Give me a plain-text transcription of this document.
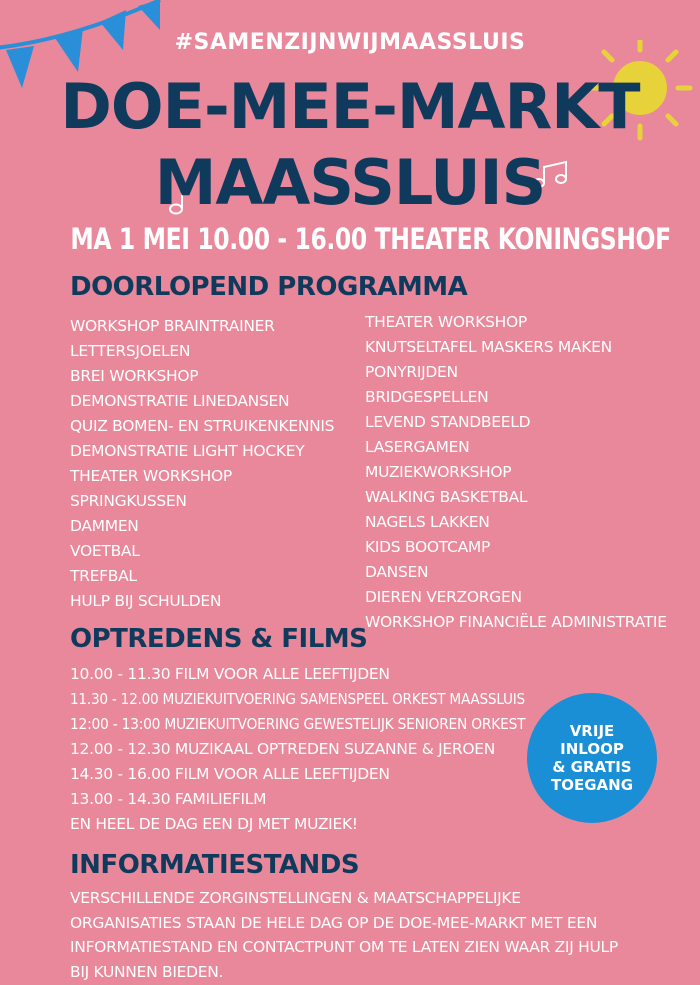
#SAMENZIJNWIJMAASSLUIS
DOE-MEE-MARKT
MAASSLUIS
MA 1 MEI 10.00 - 16.00 THEATER KONINGSHOF
DOORLOPEND PROGRAMMA
WORKSHOP BRAINTRAINER
LETTERSJOELEN
BREI WORKSHOP
DEMONSTRATIE LINEDANSEN
QUIZ BOMEN- EN STRUIKENKENNIS
DEMONSTRATIE LIGHT HOCKEY
THEATER WORKSHOP
SPRINGKUSSEN
DAMMEN
VOETBAL
TREFBAL
HULP BIJ SCHULDEN
THEATER WORKSHOP
KNUTSELTAFEL MASKERS MAKEN
PONYRIJDEN
BRIDGESPELLEN
LEVEND STANDBEELD
LASERGAMEN
MUZIEKWORKSHOP
WALKING BASKETBAL
NAGELS LAKKEN
KIDS BOOTCAMP
DANSEN
DIEREN VERZORGEN
WORKSHOP FINANCIËLE ADMINISTRATIE
OPTREDENS & FILMS
10.00 - 11.30 FILM VOOR ALLE LEEFTIJDEN
11.30 - 12.00 MUZIEKUITVOERING SAMENSPEEL ORKEST MAASSLUIS
12:00 - 13:00 MUZIEKUITVOERING GEWESTELIJK SENIOREN ORKEST
12.00 - 12.30 MUZIKAAL OPTREDEN SUZANNE & JEROEN
14.30 - 16.00 FILM VOOR ALLE LEEFTIJDEN
13.00 - 14.30 FAMILIEFILM
EN HEEL DE DAG EEN DJ MET MUZIEK!
VRIJE
INLOOP
& GRATIS
TOEGANG
INFORMATIESTANDS
VERSCHILLENDE ZORGINSTELLINGEN & MAATSCHAPPELIJKE ORGANISATIES STAAN DE HELE DAG OP DE DOE-MEE-MARKT MET EEN INFORMATIESTAND EN CONTACTPUNT OM TE LATEN ZIEN WAAR ZIJ HULP BIJ KUNNEN BIEDEN.
